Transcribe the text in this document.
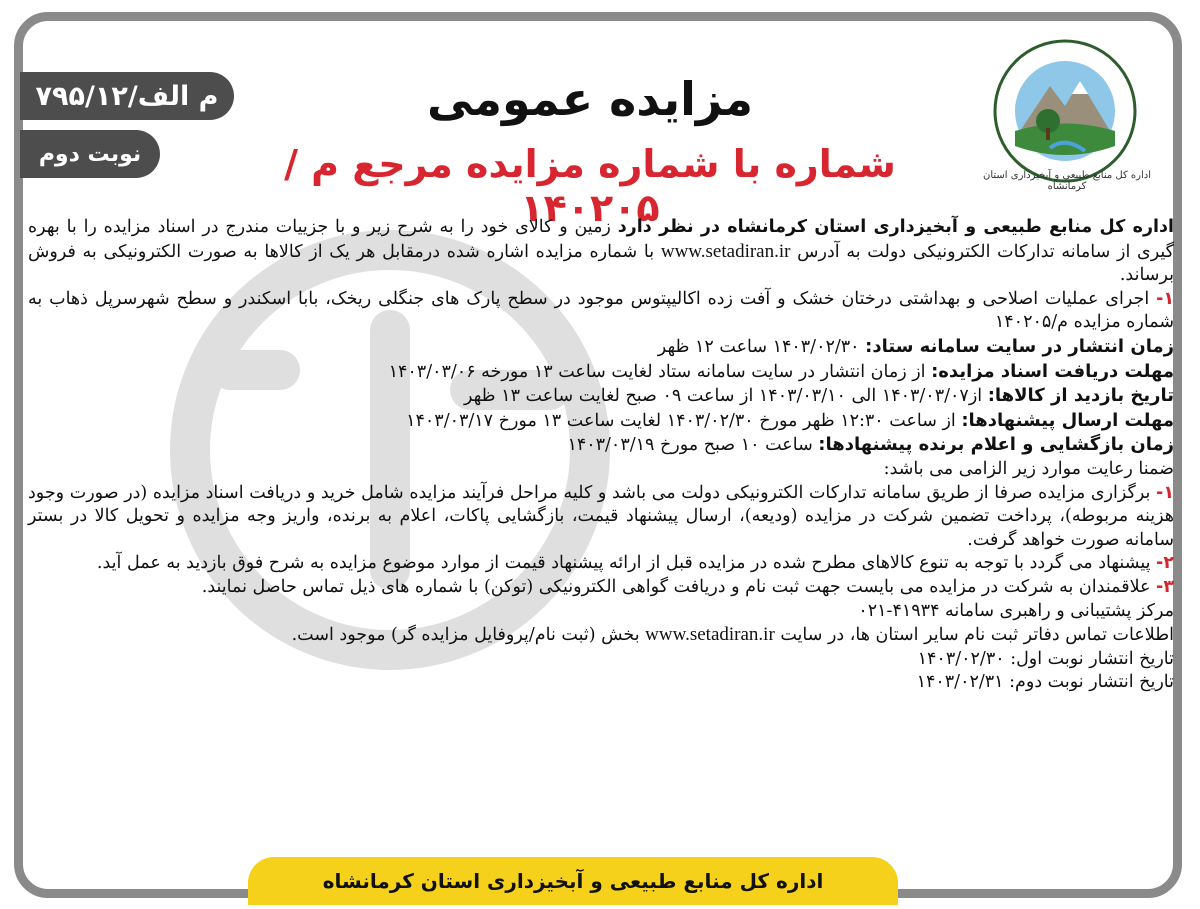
اداره کل منابع طبیعی و آبخیزداری استان کرمانشاه
۷۹۵/م الف/۱۲
نوبت دوم
مزایده عمومی
شماره با شماره مزایده مرجع م / ۱۴۰۲۰۵

اداره کل منابع طبیعی و آبخیزداری استان کرمانشاه در نظر دارد زمین و کالای خود را به شرح زیر و با جزییات مندرج در اسناد مزایده را با بهره گیری از سامانه تدارکات الکترونیکی دولت به آدرس www.setadiran.ir با شماره مزایده اشاره شده درمقابل هر یک از کالاها به صورت الکترونیکی به فروش برساند.

۱- اجرای عملیات اصلاحی و بهداشتی درختان خشک و آفت زده اکالیپتوس موجود در سطح پارک های جنگلی ریخک، بابا اسکندر و سطح شهرسرپل ذهاب به شماره مزایده م/۱۴۰۲۰۵

زمان انتشار در سایت سامانه ستاد: ۱۴۰۳/۰۲/۳۰ ساعت ۱۲ ظهر

مهلت دریافت اسناد مزایده: از زمان انتشار در سایت سامانه ستاد لغایت ساعت ۱۳ مورخه ۱۴۰۳/۰۳/۰۶

تاریخ بازدید از کالاها: از۱۴۰۳/۰۳/۰۷ الی ۱۴۰۳/۰۳/۱۰ از ساعت ۰۹ صبح لغایت ساعت ۱۳ ظهر

مهلت ارسال پیشنهادها: از ساعت ۱۲:۳۰ ظهر مورخ ۱۴۰۳/۰۲/۳۰ لغایت ساعت ۱۳ مورخ ۱۴۰۳/۰۳/۱۷

زمان بازگشایی و اعلام برنده پیشنهادها: ساعت ۱۰ صبح مورخ ۱۴۰۳/۰۳/۱۹

ضمنا رعایت موارد زیر الزامی می باشد:

۱- برگزاری مزایده صرفا از طریق سامانه تدارکات الکترونیکی دولت می باشد و کلیه مراحل فرآیند مزایده شامل خرید و دریافت اسناد مزایده (در صورت وجود هزینه مربوطه)، پرداخت تضمین شرکت در مزایده (ودیعه)، ارسال پیشنهاد قیمت، بازگشایی پاکات، اعلام به برنده، واریز وجه مزایده و تحویل کالا در بستر سامانه صورت خواهد گرفت.

۲- پیشنهاد می گردد با توجه به تنوع کالاهای مطرح شده در مزایده قبل از ارائه پیشنهاد قیمت از موارد موضوع مزایده به شرح فوق بازدید به عمل آید.

۳- علاقمندان به شرکت در مزایده می بایست جهت ثبت نام و دریافت گواهی الکترونیکی (توکن) با شماره های ذیل تماس حاصل نمایند.

مرکز پشتیبانی و راهبری سامانه ۴۱۹۳۴-۰۲۱

اطلاعات تماس دفاتر ثبت نام سایر استان ها، در سایت www.setadiran.ir بخش (ثبت نام/پروفایل مزایده گر) موجود است.

تاریخ انتشار نوبت اول: ۱۴۰۳/۰۲/۳۰

تاریخ انتشار نوبت دوم: ۱۴۰۳/۰۲/۳۱

اداره کل منابع طبیعی و آبخیزداری استان کرمانشاه
